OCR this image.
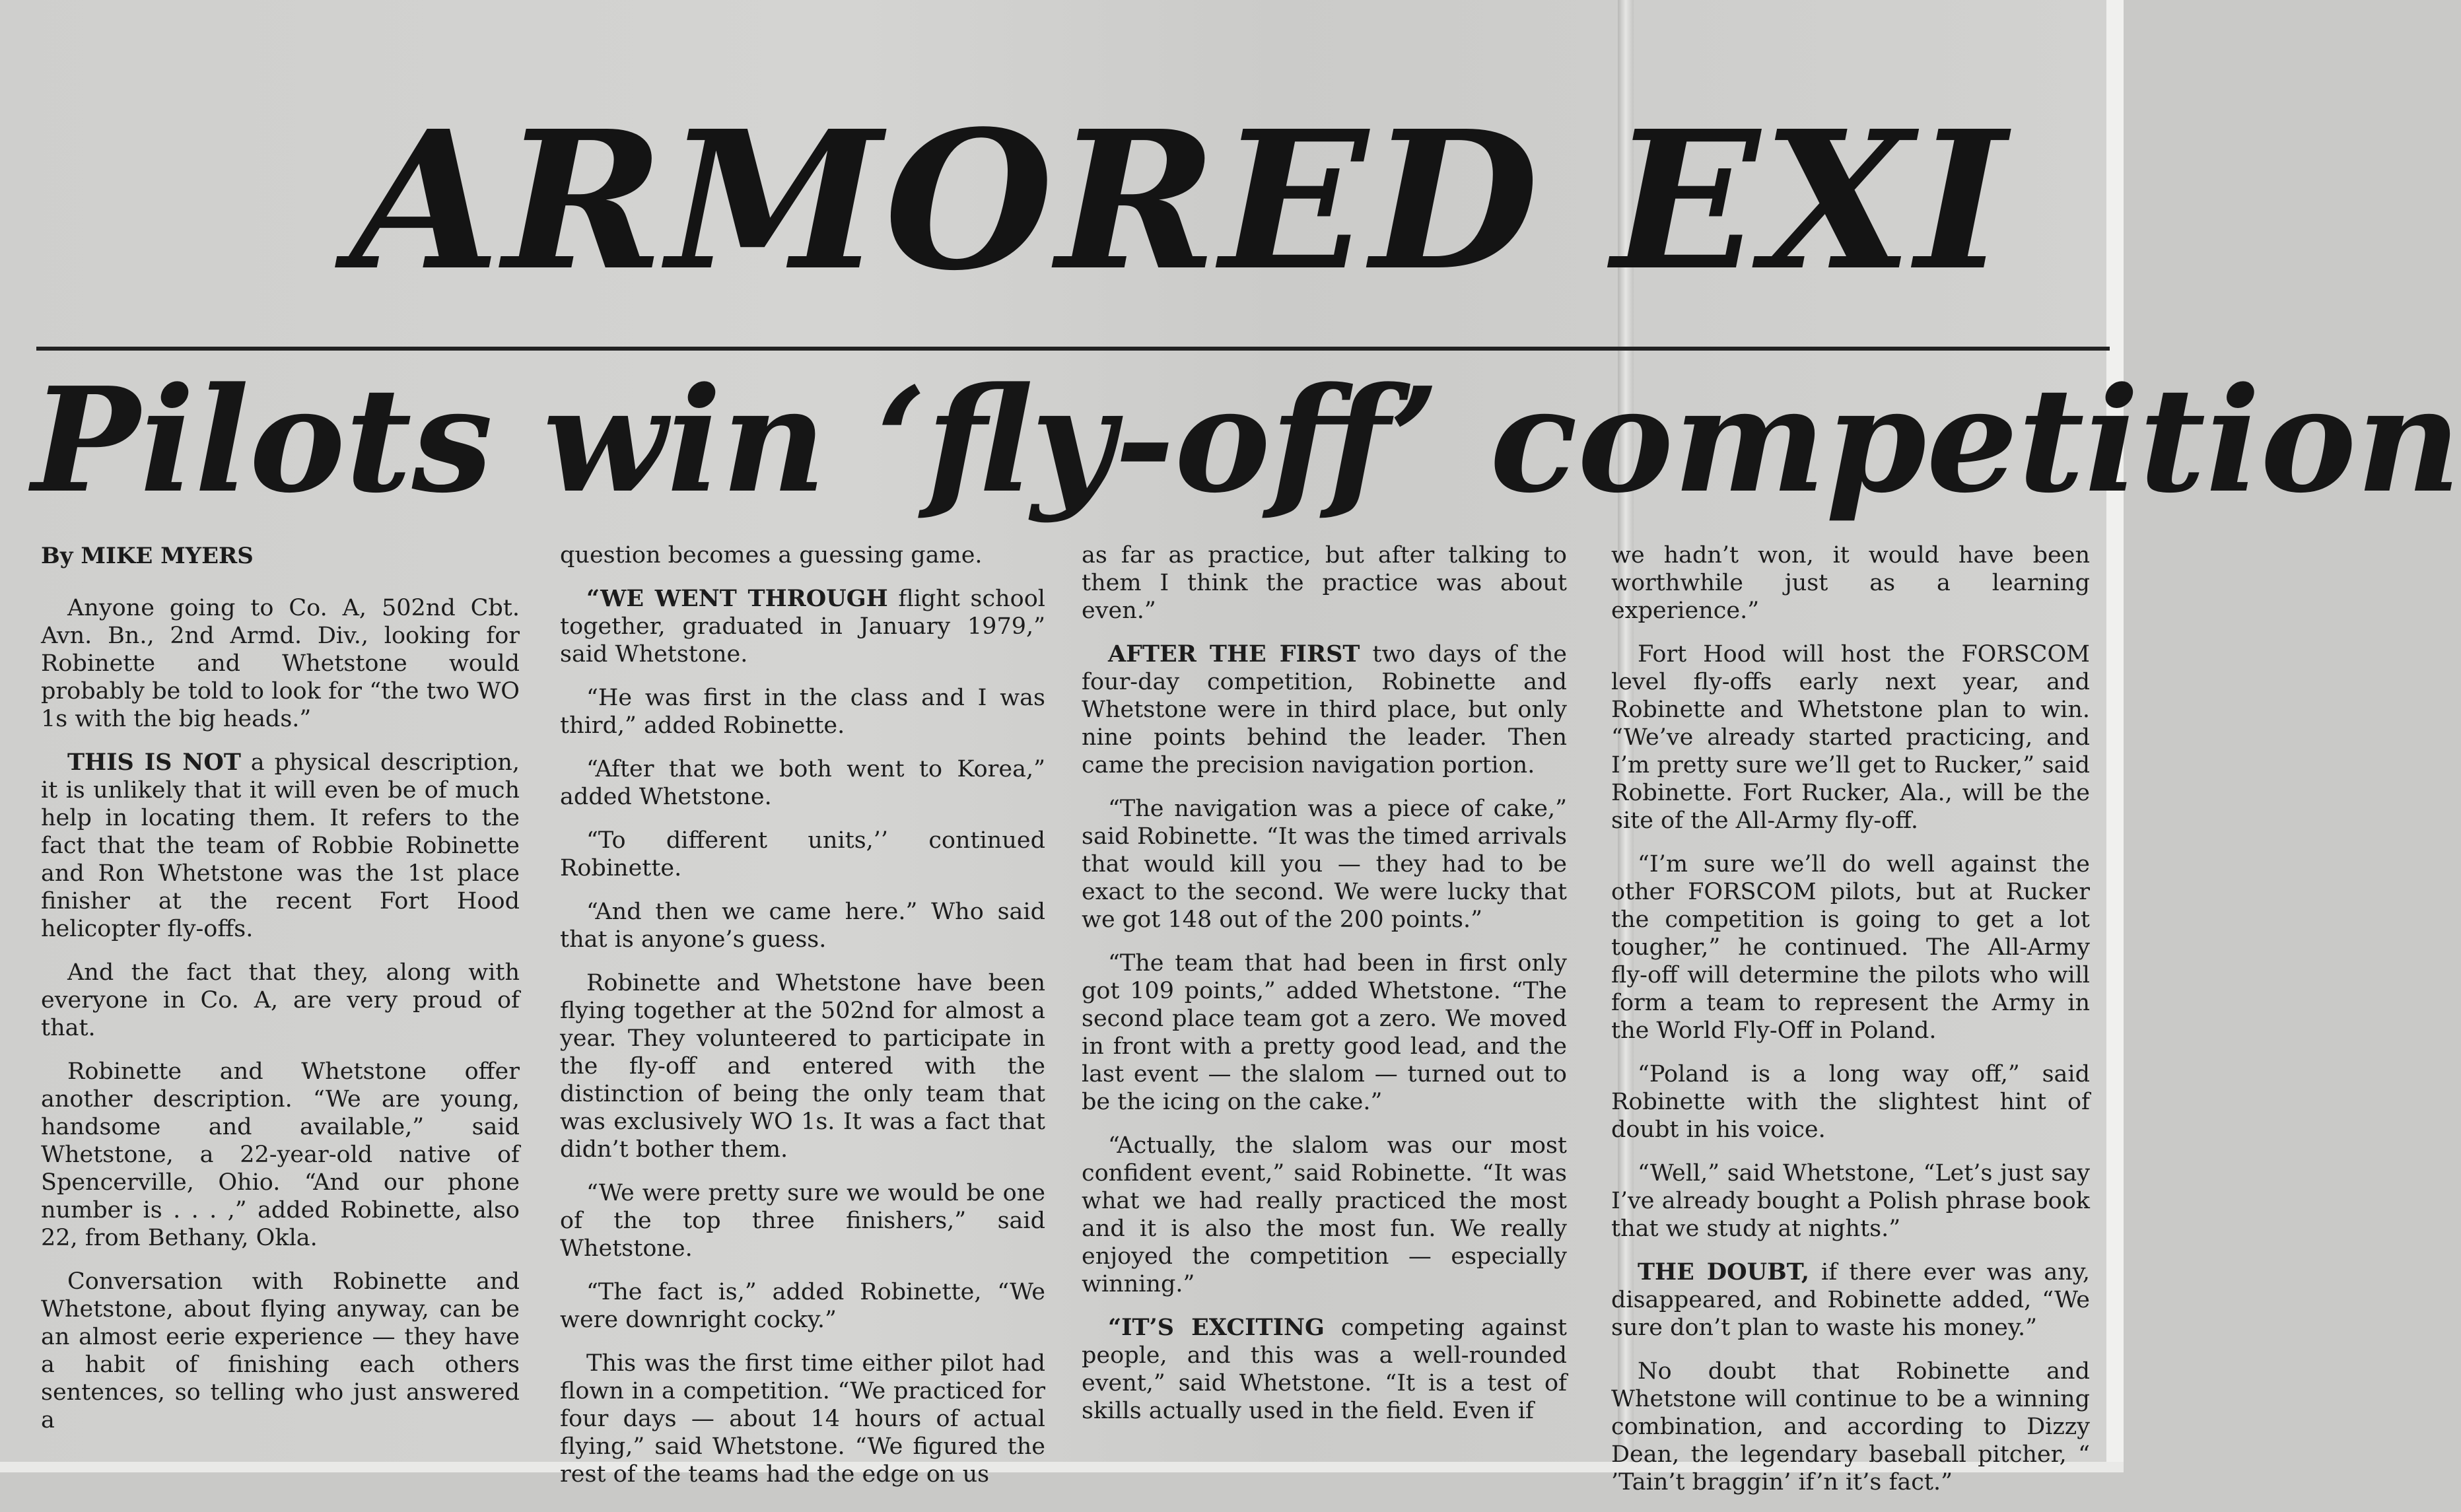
ARMORED EXI
Pilots win ‘fly-off’ competition
By MIKE MYERS

Anyone going to Co. A, 502nd Cbt. Avn. Bn., 2nd Armd. Div., looking for Robinette and Whetstone would probably be told to look for “the two WO 1s with the big heads.”

THIS IS NOT a physical description, it is unlikely that it will even be of much help in locating them. It refers to the fact that the team of Robbie Robinette and Ron Whetstone was the 1st place finisher at the recent Fort Hood helicopter fly-offs.

And the fact that they, along with everyone in Co. A, are very proud of that.

Robinette and Whetstone offer another description. “We are young, handsome and available,” said Whetstone, a 22-year-old native of Spencerville, Ohio. “And our phone number is . . . ,” added Robinette, also 22, from Bethany, Okla.

Conversation with Robinette and Whetstone, about flying anyway, can be an almost eerie experience — they have a habit of finishing each others sentences, so telling who just answered a

question becomes a guessing game.

“WE WENT THROUGH flight school together, graduated in January 1979,” said Whetstone.

“He was first in the class and I was third,” added Robinette.

“After that we both went to Korea,” added Whetstone.

“To different units,’’ continued Robinette.

“And then we came here.” Who said that is anyone’s guess.

Robinette and Whetstone have been flying together at the 502nd for almost a year. They volunteered to participate in the fly-off and entered with the distinction of being the only team that was exclusively WO 1s. It was a fact that didn’t bother them.

“We were pretty sure we would be one of the top three finishers,” said Whetstone.

“The fact is,” added Robinette, “We were downright cocky.”

This was the first time either pilot had flown in a competition. “We practiced for four days — about 14 hours of actual flying,” said Whetstone. “We figured the rest of the teams had the edge on us

as far as practice, but after talking to them I think the practice was about even.”

AFTER THE FIRST two days of the four-day competition, Robinette and Whetstone were in third place, but only nine points behind the leader. Then came the precision navigation portion.

“The navigation was a piece of cake,” said Robinette. “It was the timed arrivals that would kill you — they had to be exact to the second. We were lucky that we got 148 out of the 200 points.”

“The team that had been in first only got 109 points,” added Whetstone. “The second place team got a zero. We moved in front with a pretty good lead, and the last event — the slalom — turned out to be the icing on the cake.”

“Actually, the slalom was our most confident event,” said Robinette. “It was what we had really practiced the most and it is also the most fun. We really enjoyed the competition — especially winning.”

“IT’S EXCITING competing against people, and this was a well-rounded event,” said Whetstone. “It is a test of skills actually used in the field. Even if

we hadn’t won, it would have been worthwhile just as a learning experience.”

Fort Hood will host the FORSCOM level fly-offs early next year, and Robinette and Whetstone plan to win. “We’ve already started practicing, and I’m pretty sure we’ll get to Rucker,” said Robinette. Fort Rucker, Ala., will be the site of the All-Army fly-off.

“I’m sure we’ll do well against the other FORSCOM pilots, but at Rucker the competition is going to get a lot tougher,” he continued. The All-Army fly-off will determine the pilots who will form a team to represent the Army in the World Fly-Off in Poland.

“Poland is a long way off,” said Robinette with the slightest hint of doubt in his voice.

“Well,” said Whetstone, “Let’s just say I’ve already bought a Polish phrase book that we study at nights.”

THE DOUBT, if there ever was any, disappeared, and Robinette added, “We sure don’t plan to waste his money.”

No doubt that Robinette and Whetstone will continue to be a winning combination, and according to Dizzy Dean, the legendary baseball pitcher, “ ’Tain’t braggin’ if’n it’s fact.”
